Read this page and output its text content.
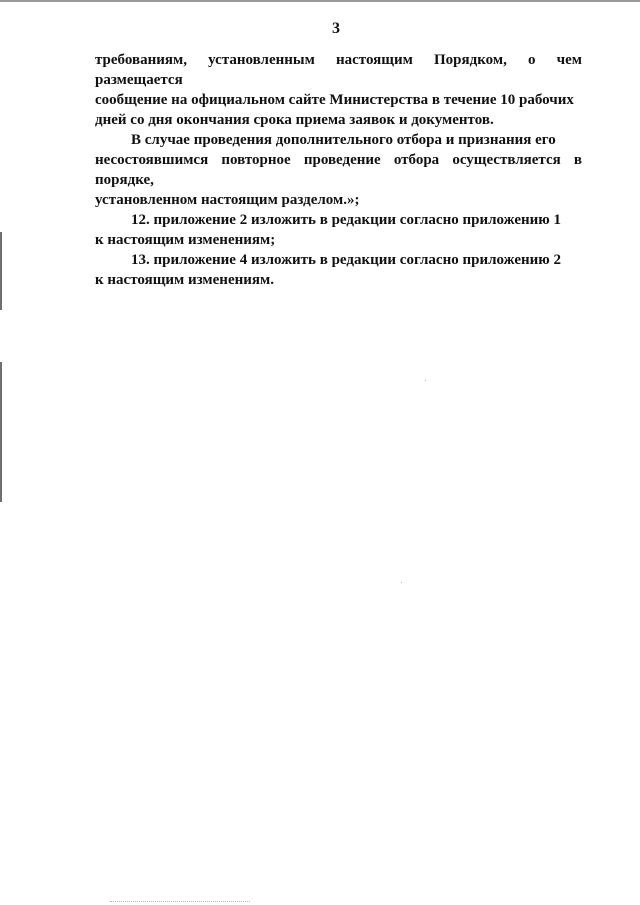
3

требованиям, установленным настоящим Порядком, о чем размещается
сообщение на официальном сайте Министерства в течение 10 рабочих
дней со дня окончания срока приема заявок и документов.

В случае проведения дополнительного отбора и признания его
несостоявшимся повторное проведение отбора осуществляется в порядке,
установленном настоящим разделом.»;

12. приложение 2 изложить в редакции согласно приложению 1
к настоящим изменениям;

13. приложение 4 изложить в редакции согласно приложению 2
к настоящим изменениям.
